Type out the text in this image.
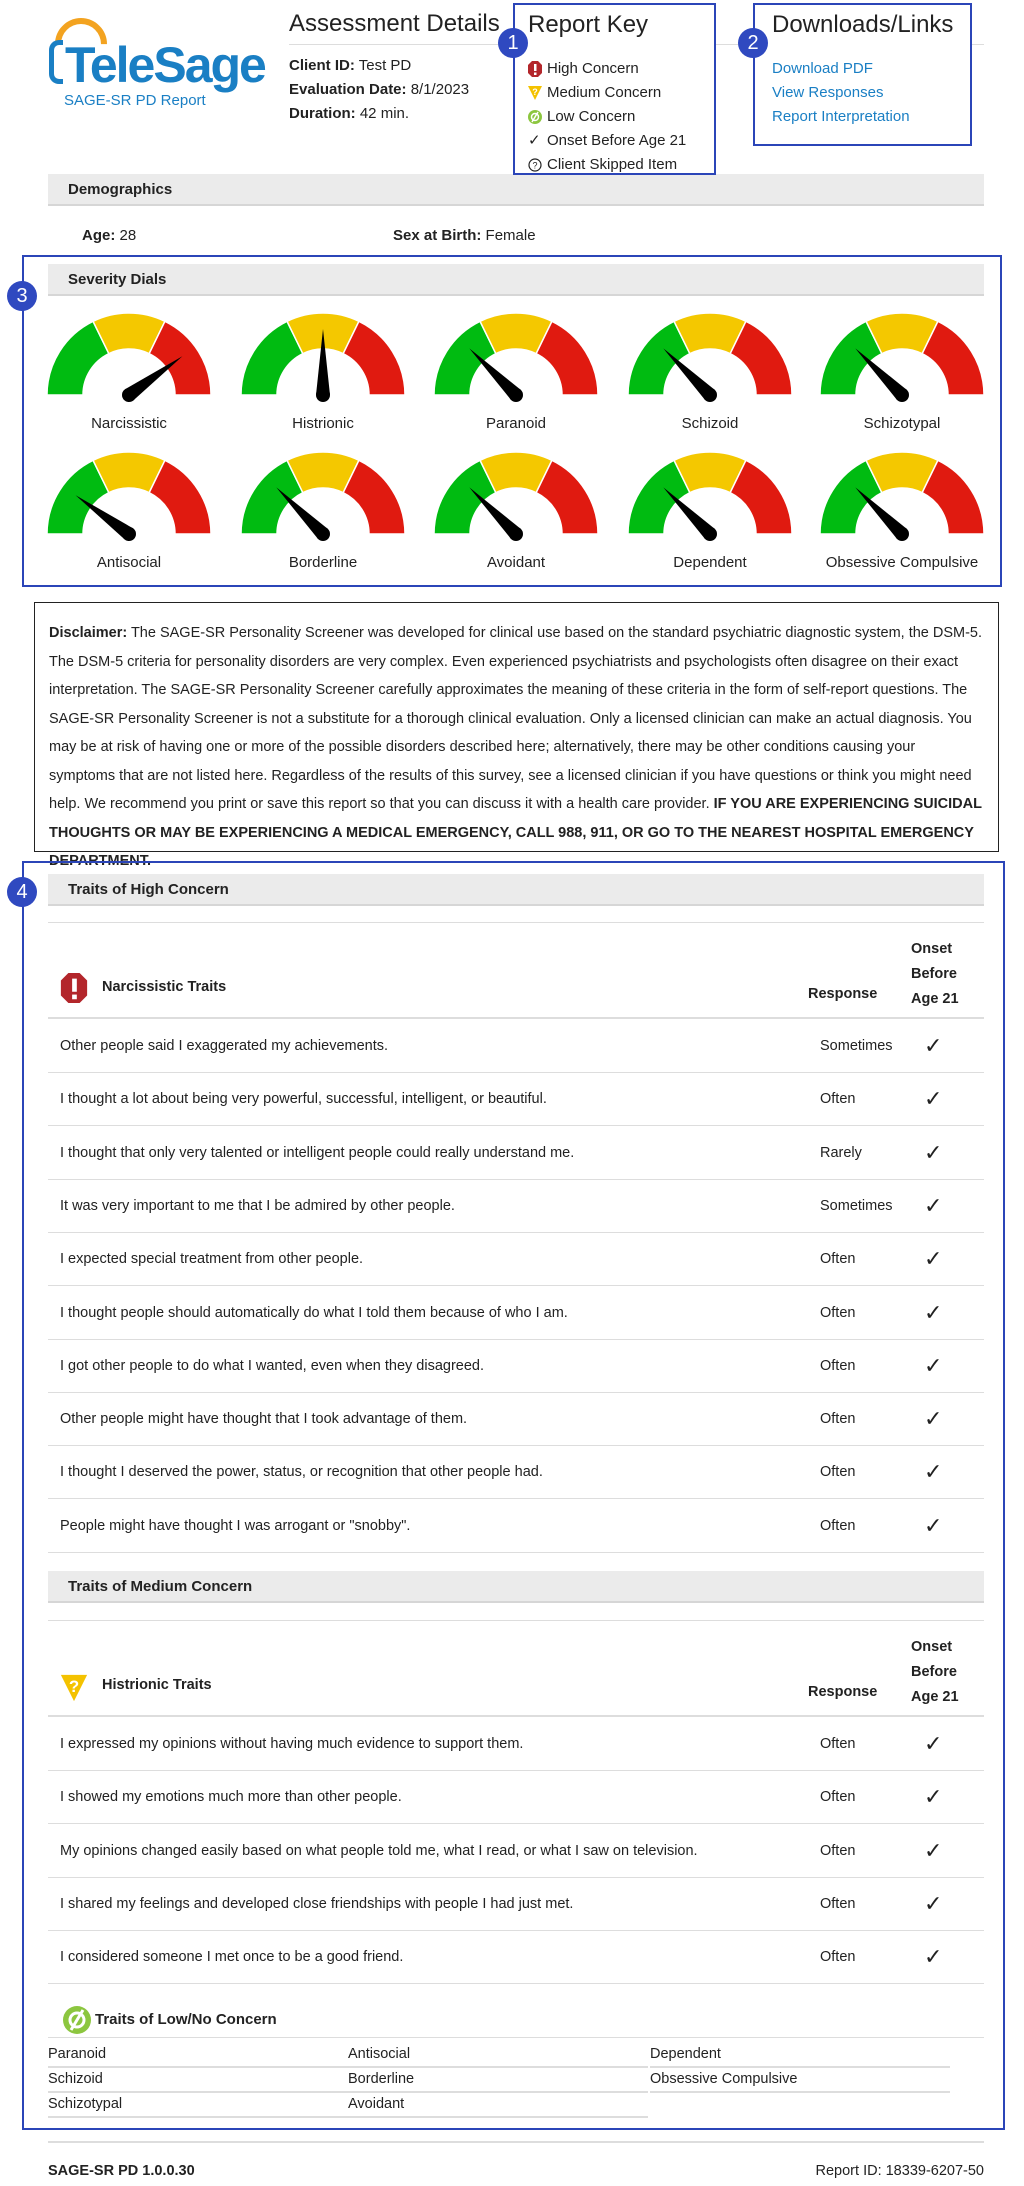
TeleSage
SAGE-SR PD Report
Assessment Details
Client ID: Test PD
Evaluation Date: 8/1/2023
Duration: 42 min.
Report Key
High Concern
? Medium Concern
Low Concern
✓ Onset Before Age 21
? Client Skipped Item
1
Downloads/Links
Download PDF
View Responses
Report Interpretation
2
Demographics
Age: 28	Sex at Birth: Female
Severity Dials
3
Narcissistic	Histrionic	Paranoid	Schizoid	Schizotypal
Antisocial	Borderline	Avoidant	Dependent	Obsessive Compulsive
Disclaimer: The SAGE-SR Personality Screener was developed for clinical use based on the standard psychiatric diagnostic system, the DSM-5. The DSM-5 criteria for personality disorders are very complex. Even experienced psychiatrists and psychologists often disagree on their exact interpretation. The SAGE-SR Personality Screener carefully approximates the meaning of these criteria in the form of self-report questions. The SAGE-SR Personality Screener is not a substitute for a thorough clinical evaluation. Only a licensed clinician can make an actual diagnosis. You may be at risk of having one or more of the possible disorders described here; alternatively, there may be other conditions causing your symptoms that are not listed here. Regardless of the results of this survey, see a licensed clinician if you have questions or think you might need help. We recommend you print or save this report so that you can discuss it with a health care provider. IF YOU ARE EXPERIENCING SUICIDAL THOUGHTS OR MAY BE EXPERIENCING A MEDICAL EMERGENCY, CALL 988, 911, OR GO TO THE NEAREST HOSPITAL EMERGENCY DEPARTMENT.
4	Traits of High Concern
Narcissistic Traits	Response
Onset
Before
Age 21
Other people said I exaggerated my achievements.	Sometimes	✓
I thought a lot about being very powerful, successful, intelligent, or beautiful.	Often	✓
I thought that only very talented or intelligent people could really understand me.	Rarely	✓
It was very important to me that I be admired by other people.	Sometimes	✓
I expected special treatment from other people.	Often	✓
I thought people should automatically do what I told them because of who I am.	Often	✓
I got other people to do what I wanted, even when they disagreed.	Often	✓
Other people might have thought that I took advantage of them.	Often	✓
I thought I deserved the power, status, or recognition that other people had.	Often	✓
People might have thought I was arrogant or "snobby".	Often	✓
Traits of Medium Concern
? Histrionic Traits	Response
Onset
Before
Age 21
I expressed my opinions without having much evidence to support them.	Often	✓
I showed my emotions much more than other people.	Often	✓
My opinions changed easily based on what people told me, what I read, or what I saw on television.	Often	✓
I shared my feelings and developed close friendships with people I had just met.	Often	✓
I considered someone I met once to be a good friend.	Often	✓
Traits of Low/No Concern
Paranoid
Schizoid
Schizotypal
Antisocial
Borderline
Avoidant
Dependent
Obsessive Compulsive
SAGE-SR PD 1.0.0.30	Report ID: 18339-6207-50
